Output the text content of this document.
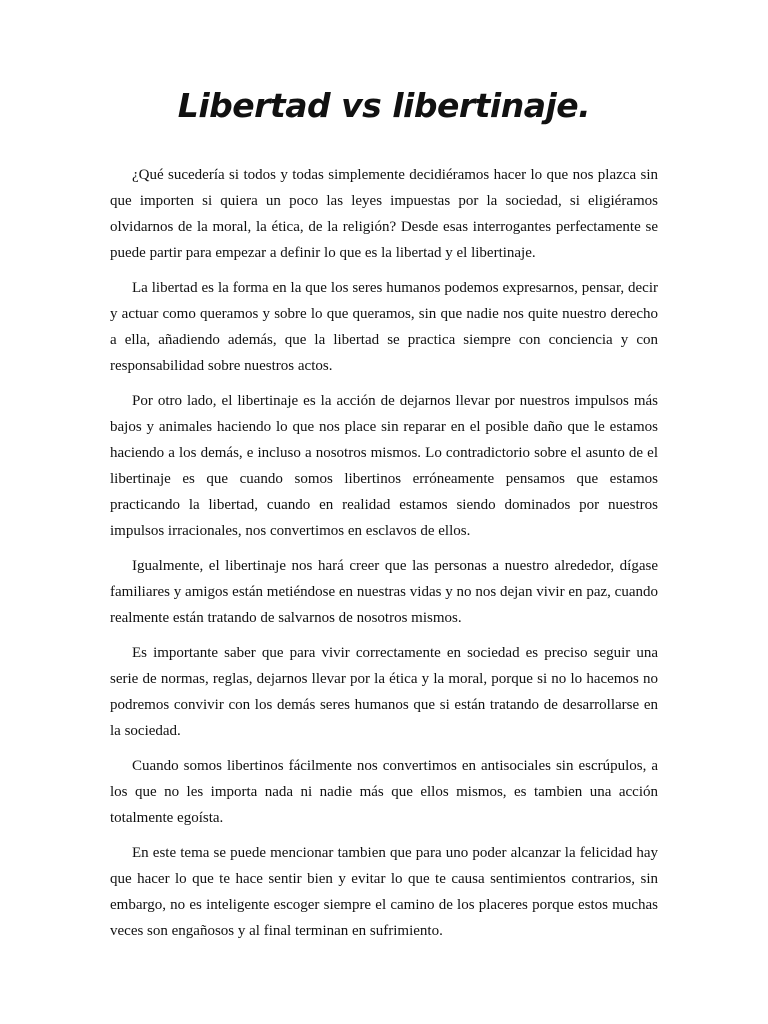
Libertad vs libertinaje.

¿Qué sucedería si todos y todas simplemente decidiéramos hacer lo que nos plazca sin que importen si quiera un poco las leyes impuestas por la sociedad, si eligiéramos olvidarnos de la moral, la ética, de la religión? Desde esas interrogantes perfectamente se puede partir para empezar a definir lo que es la libertad y el libertinaje.

La libertad es la forma en la que los seres humanos podemos expresarnos, pensar, decir y actuar como queramos y sobre lo que queramos, sin que nadie nos quite nuestro derecho a ella, añadiendo además, que la libertad se practica siempre con conciencia y con responsabilidad sobre nuestros actos.

Por otro lado, el libertinaje es la acción de dejarnos llevar por nuestros impulsos más bajos y animales haciendo lo que nos place sin reparar en el posible daño que le estamos haciendo a los demás, e incluso a nosotros mismos. Lo contradictorio sobre el asunto de el libertinaje es que cuando somos libertinos erróneamente pensamos que estamos practicando la libertad, cuando en realidad estamos siendo dominados por nuestros impulsos irracionales, nos convertimos en esclavos de ellos.

Igualmente, el libertinaje nos hará creer que las personas a nuestro alrededor, dígase familiares y amigos están metiéndose en nuestras vidas y no nos dejan vivir en paz, cuando realmente están tratando de salvarnos de nosotros mismos.

Es importante saber que para vivir correctamente en sociedad es preciso seguir una serie de normas, reglas, dejarnos llevar por la ética y la moral, porque si no lo hacemos no podremos convivir con los demás seres humanos que si están tratando de desarrollarse en la sociedad.

Cuando somos libertinos fácilmente nos convertimos en antisociales sin escrúpulos, a los que no les importa nada ni nadie más que ellos mismos, es tambien una acción totalmente egoísta.

En este tema se puede mencionar tambien que para uno poder alcanzar la felicidad hay que hacer lo que te hace sentir bien y evitar lo que te causa sentimientos contrarios, sin embargo, no es inteligente escoger siempre el camino de los placeres porque estos muchas veces son engañosos y al final terminan en sufrimiento.
